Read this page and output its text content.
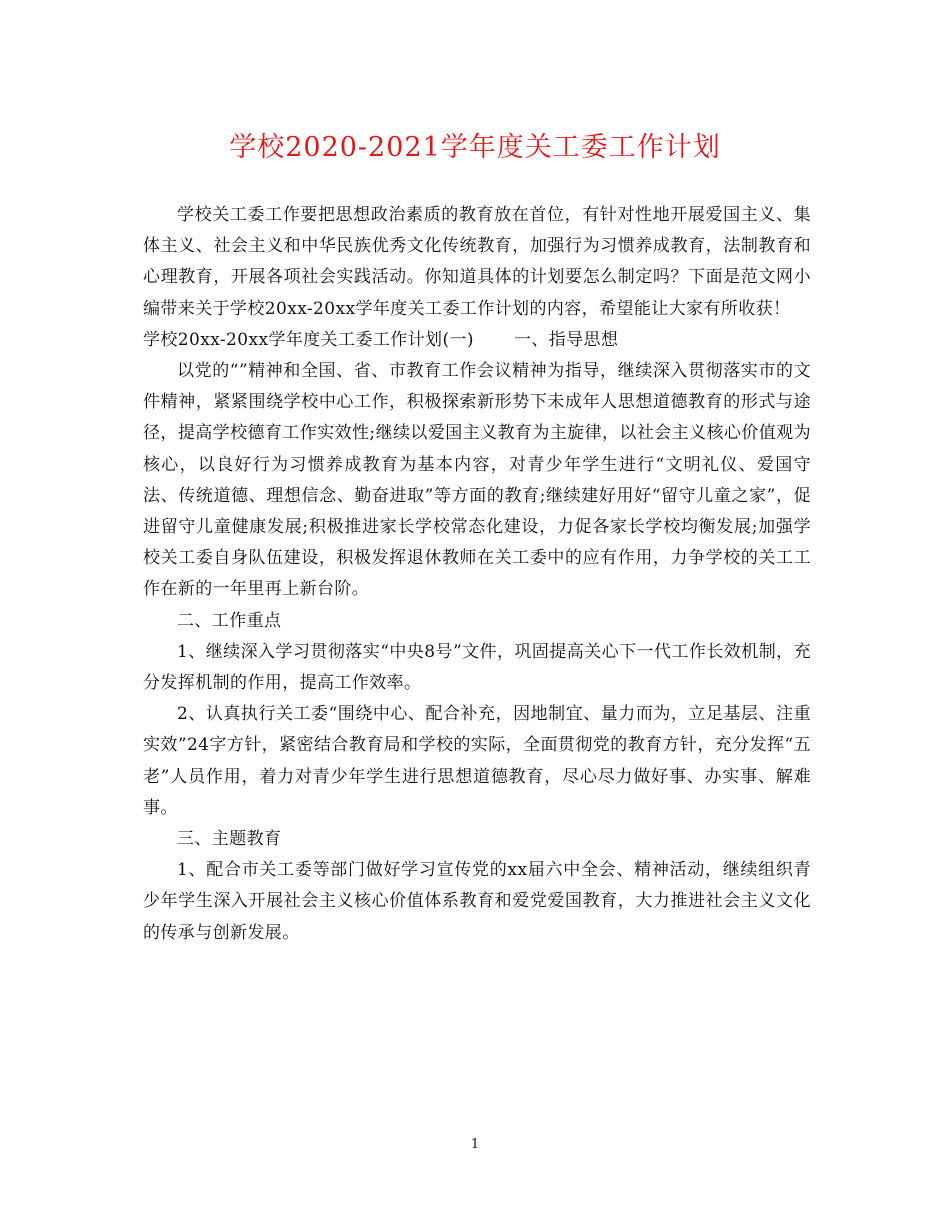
学校2020-2021学年度关工委工作计划

学校关工委工作要把思想政治素质的教育放在首位，有针对性地开展爱国主义、集体主义、社会主义和中华民族优秀文化传统教育，加强行为习惯养成教育，法制教育和心理教育，开展各项社会实践活动。你知道具体的计划要怎么制定吗？下面是范文网小编带来关于学校20xx-20xx学年度关工委工作计划的内容，希望能让大家有所收获！

学校20xx-20xx学年度关工委工作计划(一) 一、指导思想

以党的“”精神和全国、省、市教育工作会议精神为指导，继续深入贯彻落实市的文件精神，紧紧围绕学校中心工作，积极探索新形势下未成年人思想道德教育的形式与途径，提高学校德育工作实效性;继续以爱国主义教育为主旋律，以社会主义核心价值观为核心，以良好行为习惯养成教育为基本内容，对青少年学生进行“文明礼仪、爱国守法、传统道德、理想信念、勤奋进取”等方面的教育;继续建好用好“留守儿童之家”，促进留守儿童健康发展;积极推进家长学校常态化建设，力促各家长学校均衡发展;加强学校关工委自身队伍建设，积极发挥退休教师在关工委中的应有作用，力争学校的关工工作在新的一年里再上新台阶。

二、工作重点

1、继续深入学习贯彻落实“中央8号”文件，巩固提高关心下一代工作长效机制，充分发挥机制的作用，提高工作效率。

2、认真执行关工委“围绕中心、配合补充，因地制宜、量力而为，立足基层、注重实效”24字方针，紧密结合教育局和学校的实际，全面贯彻党的教育方针，充分发挥“五老”人员作用，着力对青少年学生进行思想道德教育，尽心尽力做好事、办实事、解难事。

三、主题教育

1、配合市关工委等部门做好学习宣传党的xx届六中全会、精神活动，继续组织青少年学生深入开展社会主义核心价值体系教育和爱党爱国教育，大力推进社会主义文化的传承与创新发展。

1
